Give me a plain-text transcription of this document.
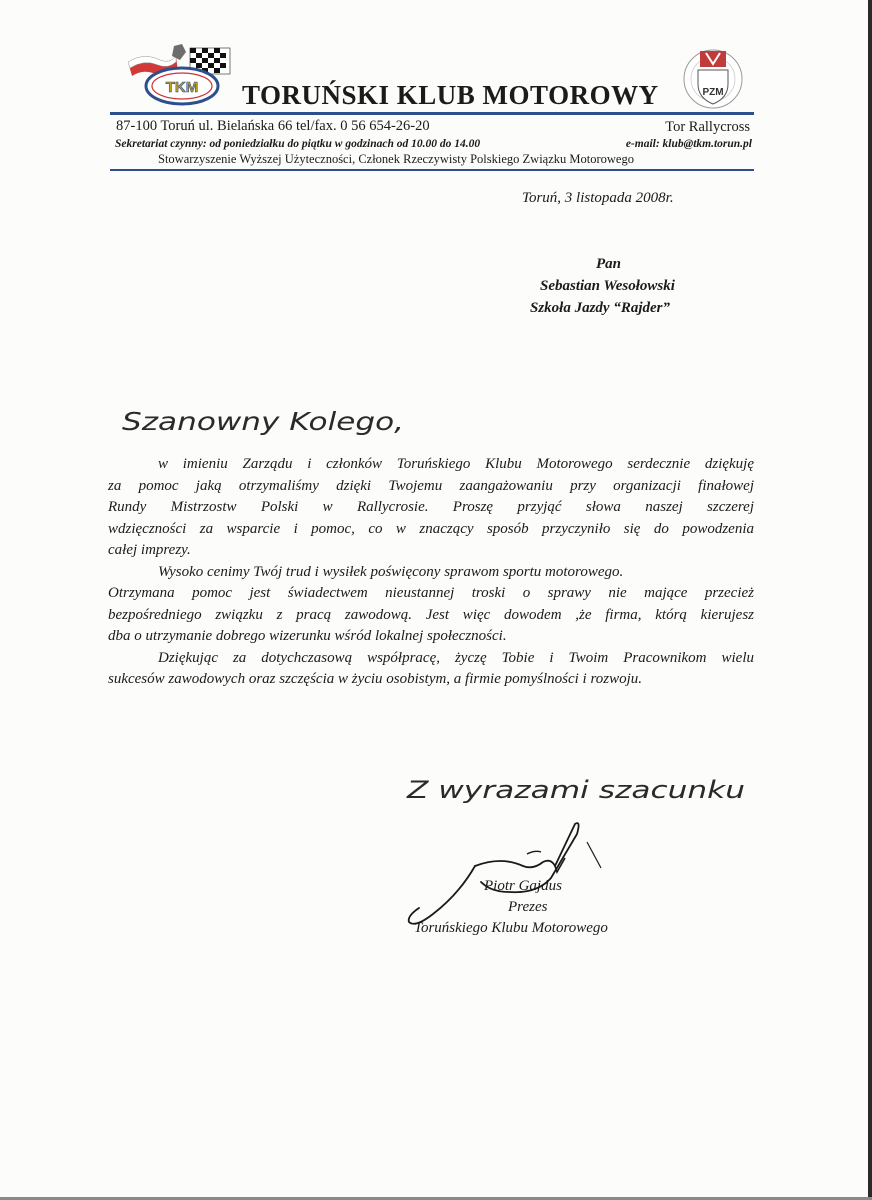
TKM TORUŃSKI KLUB MOTOROWY	PZM
87-100 Toruń ul. Bielańska 66 tel/fax. 0 56 654-26-20	Tor Rallycross
Sekretariat czynny: od poniedziałku do piątku w godzinach od 10.00 do 14.00	e-mail: klub@tkm.torun.pl
Stowarzyszenie Wyższej Użyteczności, Członek Rzeczywisty Polskiego Związku Motorowego
Toruń, 3 listopada 2008r.
Pan
Sebastian Wesołowski
Szkoła Jazdy “Rajder”
Szanowny Kolego,
w imieniu Zarządu i członków Toruńskiego Klubu Motorowego serdecznie dziękuję
za pomoc jaką otrzymaliśmy dzięki Twojemu zaangażowaniu przy organizacji finałowej
Rundy Mistrzostw Polski w Rallycrosie. Proszę przyjąć słowa naszej szczerej
wdzięczności za wsparcie i pomoc, co w znaczący sposób przyczyniło się do powodzenia
całej imprezy.
Wysoko cenimy Twój trud i wysiłek poświęcony sprawom sportu motorowego.
Otrzymana pomoc jest świadectwem nieustannej troski o sprawy nie mające przecież
bezpośredniego związku z pracą zawodową. Jest więc dowodem ,że firma, którą kierujesz
dba o utrzymanie dobrego wizerunku wśród lokalnej społeczności.
Dziękując za dotychczasową współpracę, życzę Tobie i Twoim Pracownikom wielu
sukcesów zawodowych oraz szczęścia w życiu osobistym, a firmie pomyślności i rozwoju.
Z wyrazami szacunku
Piotr Gajdus
Prezes
Toruńskiego Klubu Motorowego
